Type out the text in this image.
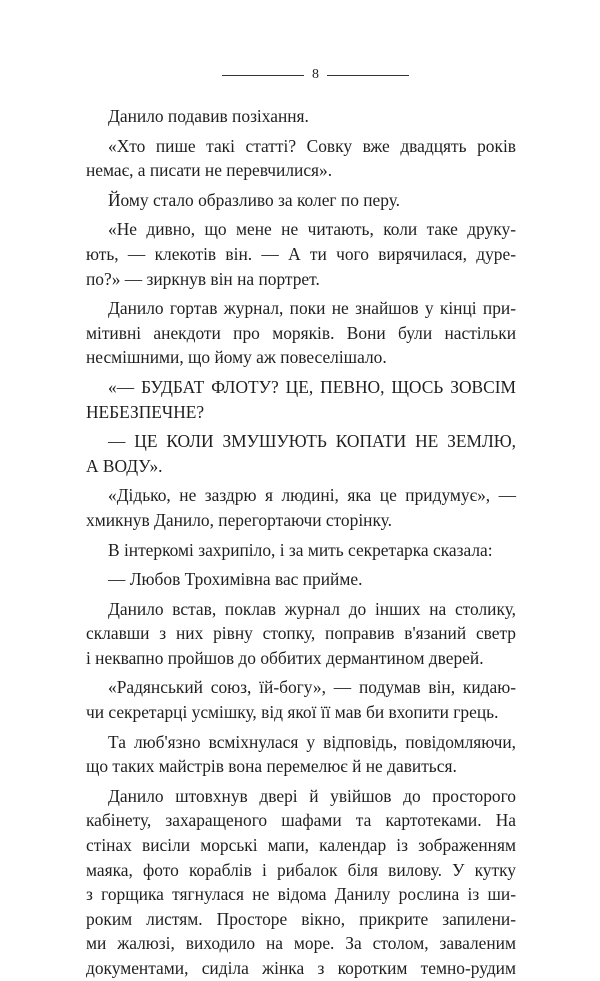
8
Данило подавив позіхання.
«Хто пише такі статті? Совку вже двадцять років
немає, а писати не перевчилися».
Йому стало образливо за колег по перу.
«Не дивно, що мене не читають, коли таке друку-
ють, — клекотів він. — А ти чого вирячилася, дуре-
по?» — зиркнув він на портрет.
Данило гортав журнал, поки не знайшов у кінці при-
мітивні анекдоти про моряків. Вони були настільки
несмішними, що йому аж повеселішало.
«— БУДБАТ ФЛОТУ? ЦЕ, ПЕВНО, ЩОСЬ ЗОВСІМ
НЕБЕЗПЕЧНЕ?
— ЦЕ КОЛИ ЗМУШУЮТЬ КОПАТИ НЕ ЗЕМЛЮ,
А ВОДУ».
«Дідько, не заздрю я людині, яка це придумує», —
хмикнув Данило, перегортаючи сторінку.
В інтеркомі захрипіло, і за мить секретарка сказала:
— Любов Трохимівна вас прийме.
Данило встав, поклав журнал до інших на столику,
склавши з них рівну стопку, поправив в'язаний светр
і неквапно пройшов до оббитих дермантином дверей.
«Радянський союз, їй-богу», — подумав він, кидаю-
чи секретарці усмішку, від якої її мав би вхопити грець.
Та люб'язно всміхнулася у відповідь, повідомляючи,
що таких майстрів вона перемелює й не давиться.
Данило штовхнув двері й увійшов до просторого
кабінету, захаращеного шафами та картотеками. На
стінах висіли морські мапи, календар із зображенням
маяка, фото кораблів і рибалок біля вилову. У кутку
з горщика тягнулася не відома Данилу рослина із ши-
роким листям. Просторе вікно, прикрите запилени-
ми жалюзі, виходило на море. За столом, заваленим
документами, сиділа жінка з коротким темно-рудим
